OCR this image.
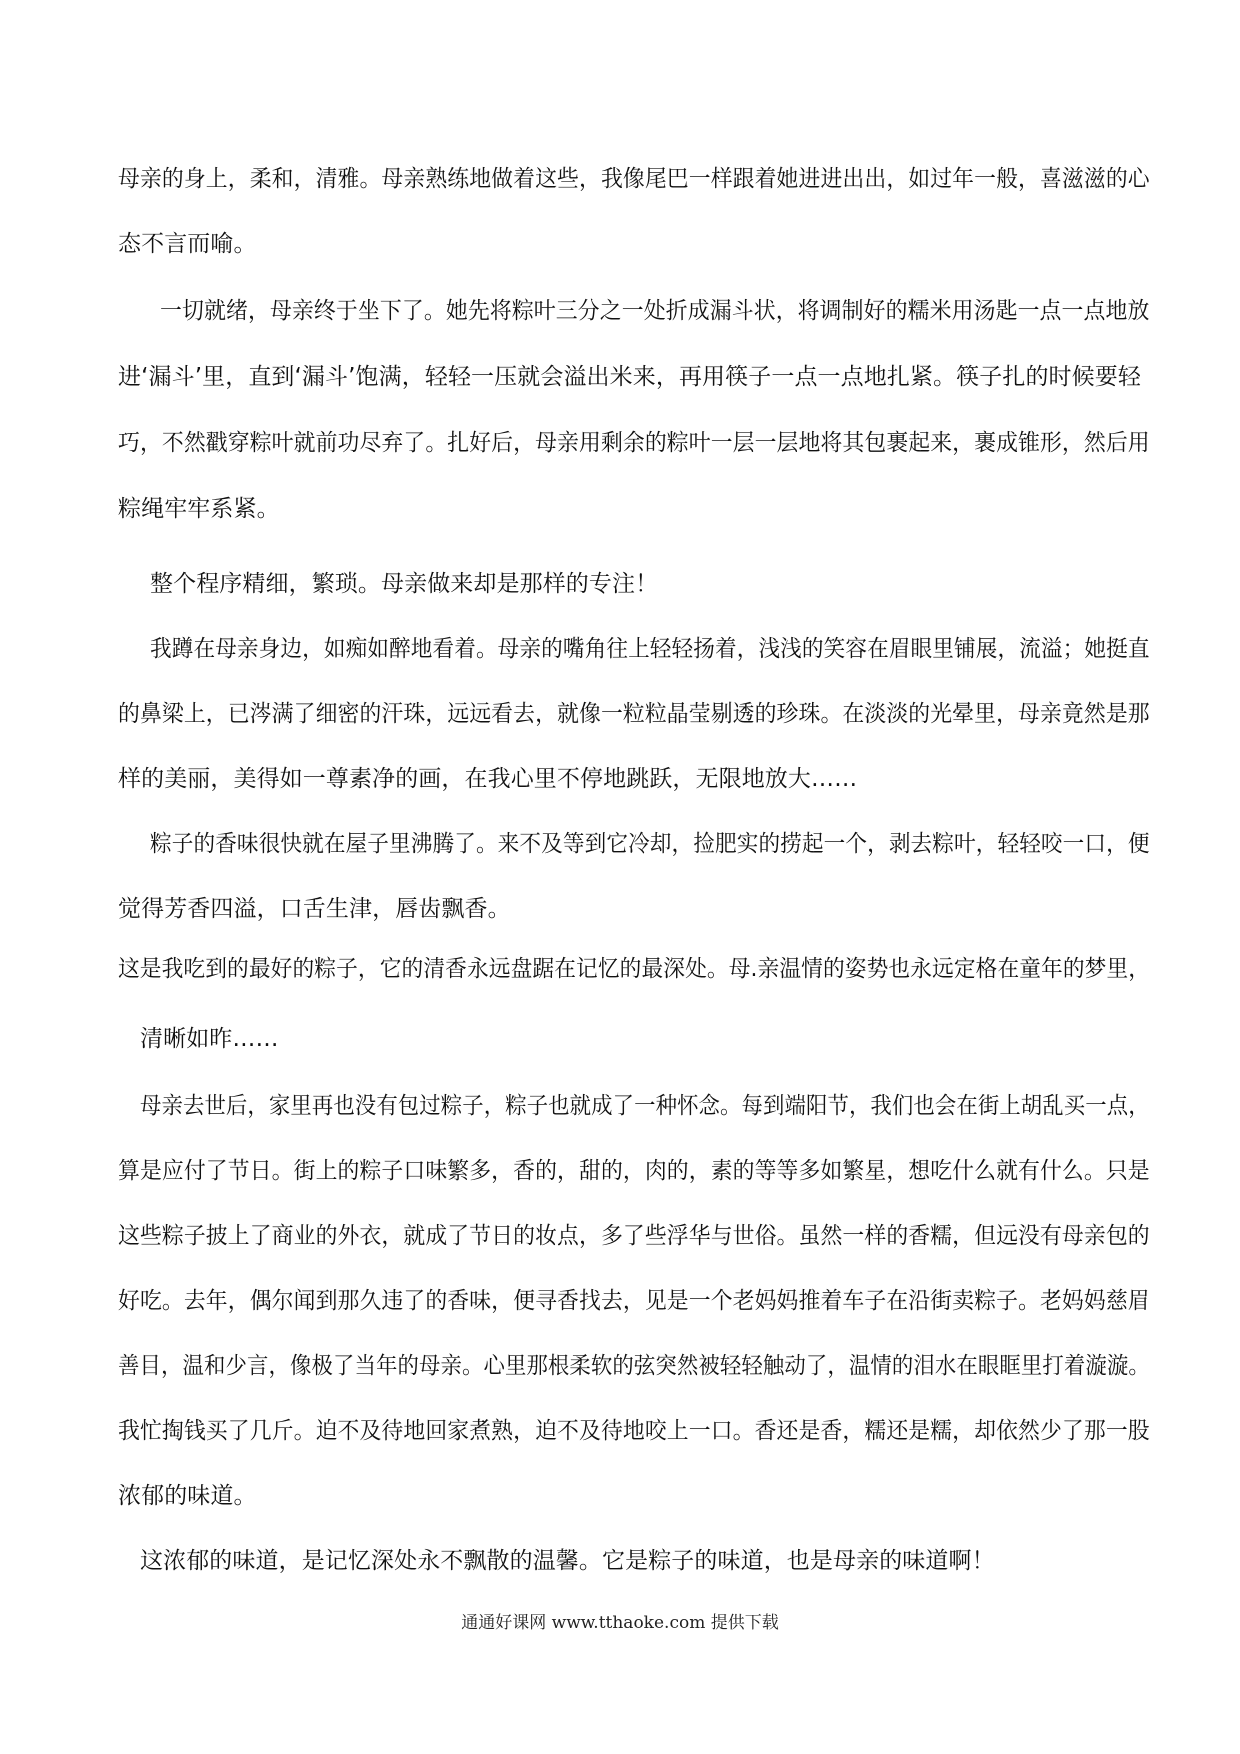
母亲的身上，柔和，清雅。母亲熟练地做着这些，我像尾巴一样跟着她进进出出，如过年一般，喜滋滋的心
态不言而喻。
一切就绪，母亲终于坐下了。她先将粽叶三分之一处折成漏斗状，将调制好的糯米用汤匙一点一点地放
进‘漏斗’里，直到‘漏斗’饱满，轻轻一压就会溢出米来，再用筷子一点一点地扎紧。筷子扎的时候要轻
巧，不然戳穿粽叶就前功尽弃了。扎好后，母亲用剩余的粽叶一层一层地将其包裹起来，裹成锥形，然后用
粽绳牢牢系紧。
整个程序精细，繁琐。母亲做来却是那样的专注！
我蹲在母亲身边，如痴如醉地看着。母亲的嘴角往上轻轻扬着，浅浅的笑容在眉眼里铺展，流溢；她挺直
的鼻梁上，已涔满了细密的汗珠，远远看去，就像一粒粒晶莹剔透的珍珠。在淡淡的光晕里，母亲竟然是那
样的美丽，美得如一尊素净的画，在我心里不停地跳跃，无限地放大……
粽子的香味很快就在屋子里沸腾了。来不及等到它冷却，捡肥实的捞起一个，剥去粽叶，轻轻咬一口，便
觉得芳香四溢，口舌生津，唇齿飘香。
这是我吃到的最好的粽子，它的清香永远盘踞在记忆的最深处。母.亲温情的姿势也永远定格在童年的梦里，
清晰如昨……
母亲去世后，家里再也没有包过粽子，粽子也就成了一种怀念。每到端阳节，我们也会在街上胡乱买一点，
算是应付了节日。街上的粽子口味繁多，香的，甜的，肉的，素的等等多如繁星，想吃什么就有什么。只是
这些粽子披上了商业的外衣，就成了节日的妆点，多了些浮华与世俗。虽然一样的香糯，但远没有母亲包的
好吃。去年，偶尔闻到那久违了的香味，便寻香找去，见是一个老妈妈推着车子在沿街卖粽子。老妈妈慈眉
善目，温和少言，像极了当年的母亲。心里那根柔软的弦突然被轻轻触动了，温情的泪水在眼眶里打着漩漩。
我忙掏钱买了几斤。迫不及待地回家煮熟，迫不及待地咬上一口。香还是香，糯还是糯，却依然少了那一股
浓郁的味道。
这浓郁的味道，是记忆深处永不飘散的温馨。它是粽子的味道，也是母亲的味道啊！
通通好课网 www.tthaoke.com 提供下载
